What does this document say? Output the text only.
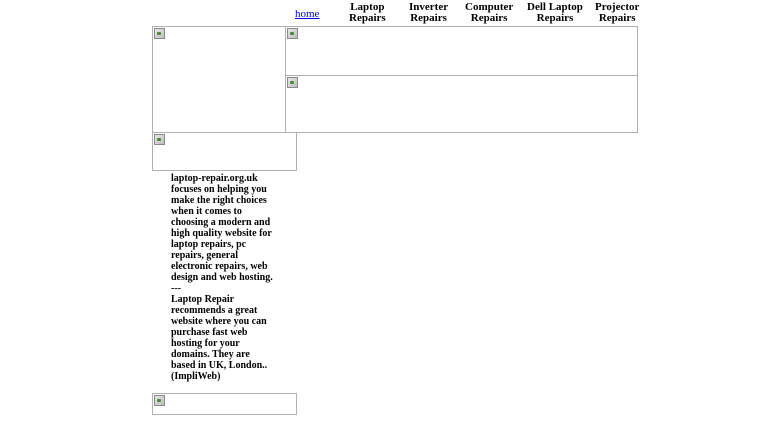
home
Laptop
Repairs
Inverter
Repairs
Computer
Repairs
Dell Laptop
Repairs
Projector
Repairs

laptop-repair.org.uk focuses on helping you make the right choices when it comes to choosing a modern and high quality website for laptop repairs, pc repairs, general electronic repairs, web design and web hosting.

---

Laptop Repair recommends a great website where you can purchase fast web hosting for your domains. They are based in UK, London.. (ImpliWeb)
